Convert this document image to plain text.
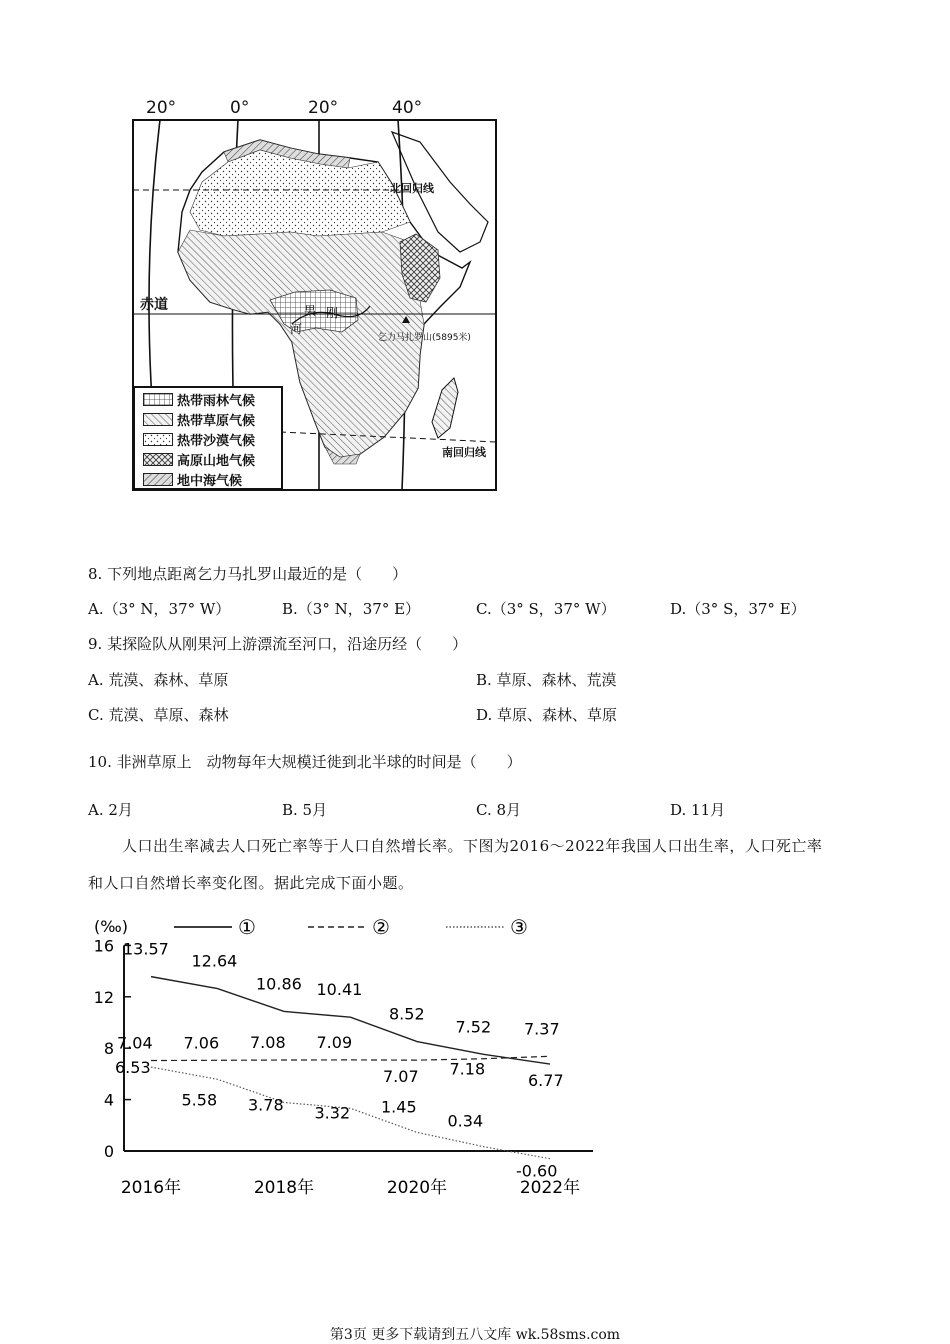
20°	0°	20°	40°
北回归线
赤道
南回归线
乞力马扎罗山(5895米)
果 刚
河
热带雨林气候
热带草原气候
热带沙漠气候
高原山地气候
地中海气候
8. 下列地点距离乞力马扎罗山最近的是（　　）
A.（3° N，37° W）	B.（3° N，37° E）	C.（3° S，37° W）	D.（3° S，37° E）
9. 某探险队从刚果河上游漂流至河口，沿途历经（　　）
A. 荒漠、森林、草原	B. 草原、森林、荒漠
C. 荒漠、草原、森林	D. 草原、森林、草原
10. 非洲草原上　动物每年大规模迁徙到北半球的时间是（　　）
A. 2月	B. 5月	C. 8月	D. 11月
人口出生率减去人口死亡率等于人口自然增长率。下图为2016～2022年我国人口出生率，人口死亡率
和人口自然增长率变化图。据此完成下面小题。
(‰)	①	②	③
0
4
8
12
16
2016年	2018年	2020年	2022年
13.57
12.64
10.86 10.41
8.52
7.52
6.77
7.04 7.06 7.08 7.09
7.07 7.18
7.37
6.53
5.58 3.78 3.32 1.45
0.34
-0.60
第3页 更多下载请到五八文库 wk.58sms.com
